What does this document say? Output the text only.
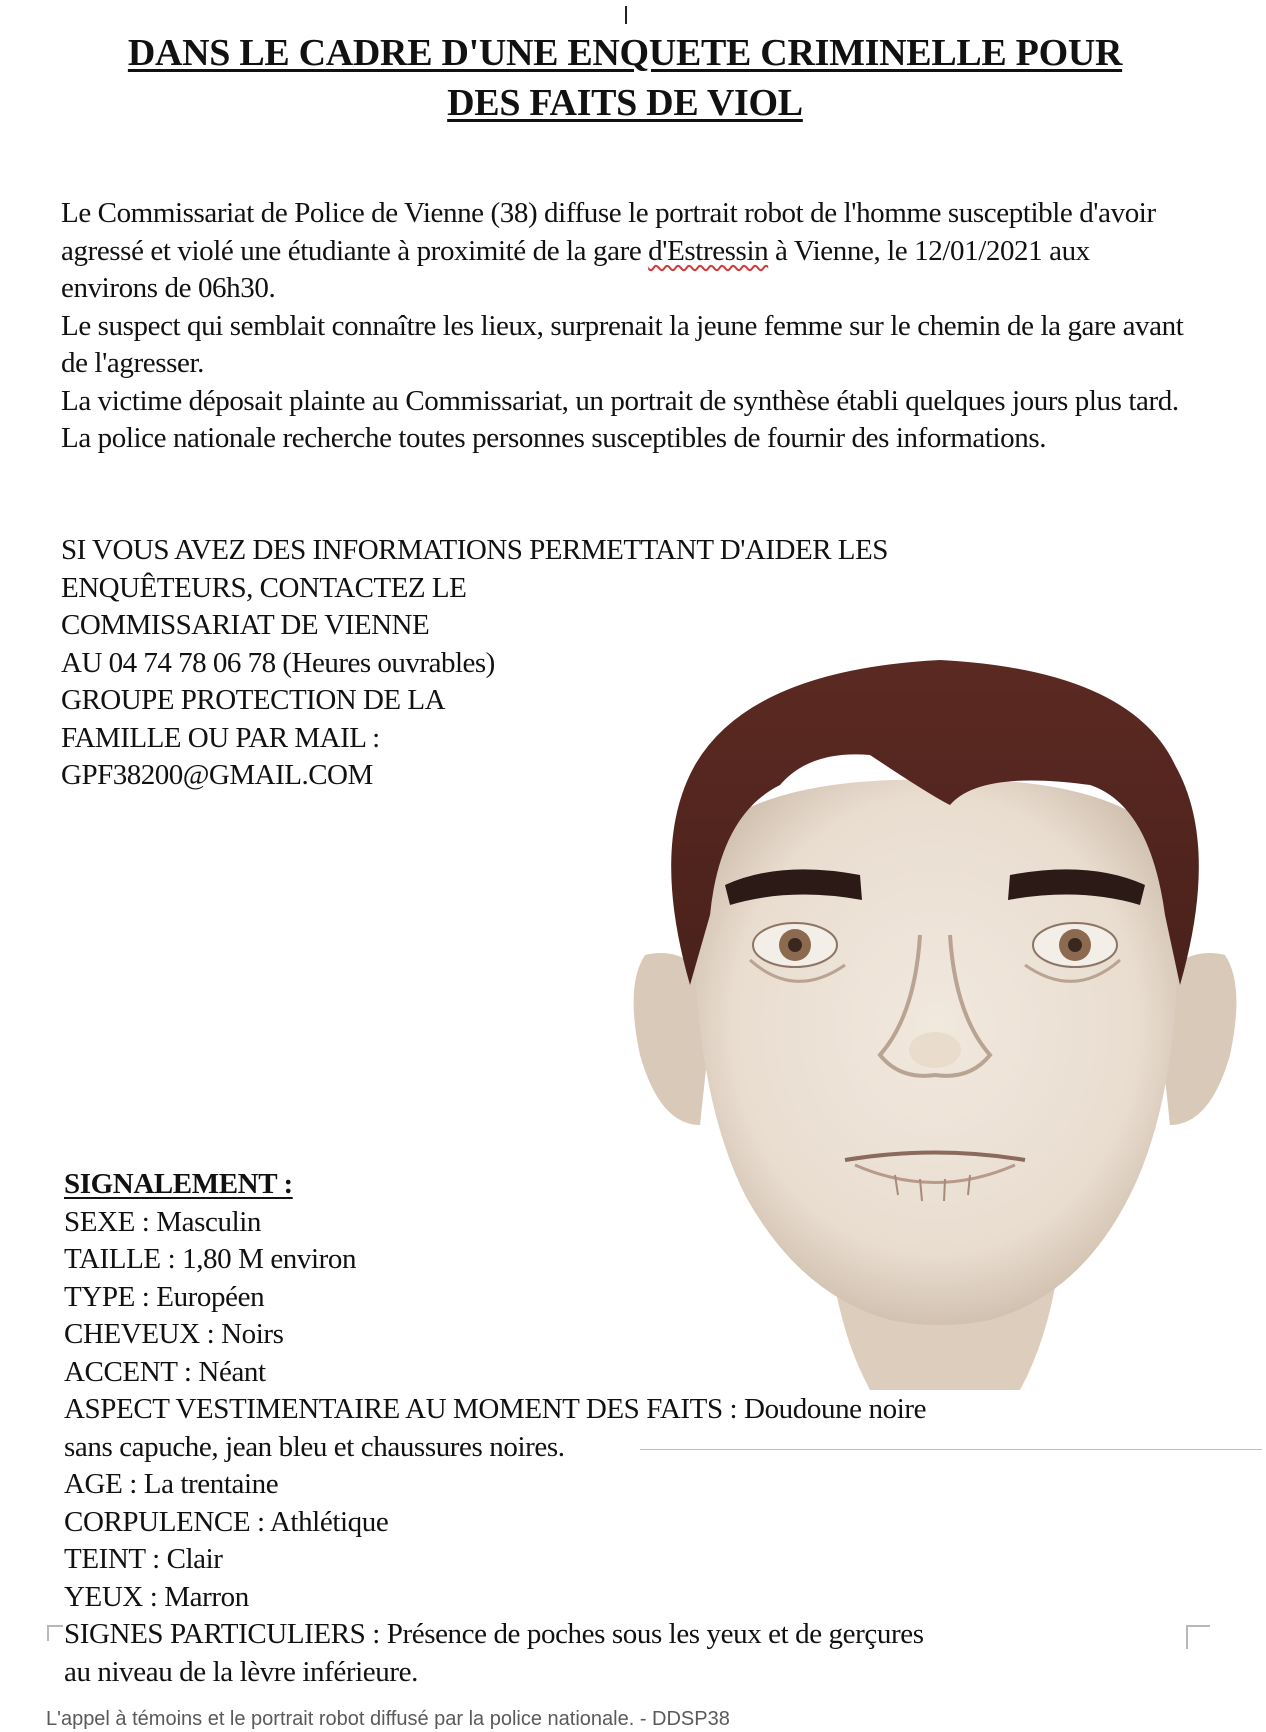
DANS LE CADRE D'UNE ENQUETE CRIMINELLE POUR
DES FAITS DE VIOL

Le Commissariat de Police de Vienne (38) diffuse le portrait robot de l'homme susceptible d'avoir agressé et violé une étudiante à proximité de la gare d'Estressin à Vienne, le 12/01/2021 aux environs de 06h30.

Le suspect qui semblait connaître les lieux, surprenait la jeune femme sur le chemin de la gare avant de l'agresser.

La victime déposait plainte au Commissariat, un portrait de synthèse établi quelques jours plus tard.

La police nationale recherche toutes personnes susceptibles de fournir des informations.

SI VOUS AVEZ DES INFORMATIONS PERMETTANT D'AIDER LES
ENQUÊTEURS, CONTACTEZ LE
COMMISSARIAT DE VIENNE
AU 04 74 78 06 78 (Heures ouvrables)
GROUPE PROTECTION DE LA
FAMILLE OU PAR MAIL :
GPF38200@GMAIL.COM
SIGNALEMENT :
SEXE : Masculin
TAILLE : 1,80 M environ
TYPE : Européen
CHEVEUX : Noirs
ACCENT : Néant
ASPECT VESTIMENTAIRE AU MOMENT DES FAITS : Doudoune noire
sans capuche, jean bleu et chaussures noires.
AGE : La trentaine
CORPULENCE : Athlétique
TEINT : Clair
YEUX : Marron
SIGNES PARTICULIERS : Présence de poches sous les yeux et de gerçures
au niveau de la lèvre inférieure.
L'appel à témoins et le portrait robot diffusé par la police nationale. - DDSP38
